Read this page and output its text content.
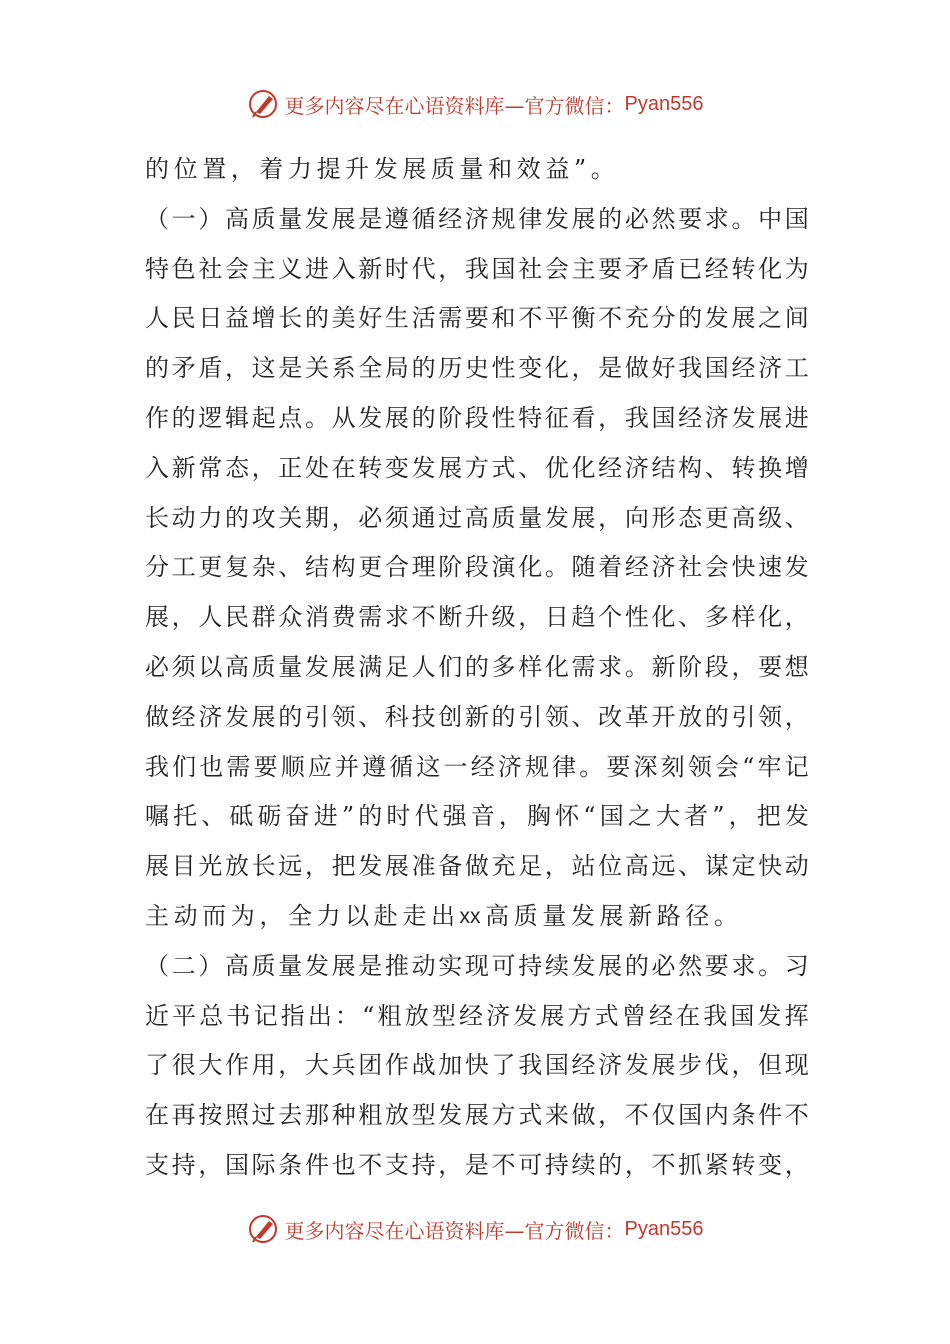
更多内容尽在心语资料库—官方微信： Pyan556
的 位 置 ， 着 力 提 升 发 展 质 量 和 效 益 ” 。
（ 一 ） 高 质 量 发 展 是 遵 循 经 济 规 律 发 展 的 必 然 要 求 。 中 国
特 色 社 会 主 义 进 入 新 时 代 ， 我 国 社 会 主 要 矛 盾 已 经 转 化 为
人 民 日 益 增 长 的 美 好 生 活 需 要 和 不 平 衡 不 充 分 的 发 展 之 间
的 矛 盾 ， 这 是 关 系 全 局 的 历 史 性 变 化 ， 是 做 好 我 国 经 济 工
作 的 逻 辑 起 点 。 从 发 展 的 阶 段 性 特 征 看 ， 我 国 经 济 发 展 进
入 新 常 态 ， 正 处 在 转 变 发 展 方 式 、 优 化 经 济 结 构 、 转 换 增
长 动 力 的 攻 关 期 ， 必 须 通 过 高 质 量 发 展 ， 向 形 态 更 高 级 、
分 工 更 复 杂 、 结 构 更 合 理 阶 段 演 化 。 随 着 经 济 社 会 快 速 发
展 ， 人 民 群 众 消 费 需 求 不 断 升 级 ， 日 趋 个 性 化 、 多 样 化 ，
必 须 以 高 质 量 发 展 满 足 人 们 的 多 样 化 需 求 。 新 阶 段 ， 要 想
做 经 济 发 展 的 引 领 、 科 技 创 新 的 引 领 、 改 革 开 放 的 引 领 ，
我 们 也 需 要 顺 应 并 遵 循 这 一 经 济 规 律 。 要 深 刻 领 会 “ 牢 记
嘱 托 、 砥 砺 奋 进 ” 的 时 代 强 音 ， 胸 怀 “ 国 之 大 者 ” ， 把 发
展 目 光 放 长 远 ， 把 发 展 准 备 做 充 足 ， 站 位 高 远 、 谋 定 快 动
主 动 而 为 ， 全 力 以 赴 走 出 xx 高 质 量 发 展 新 路 径 。
（ 二 ） 高 质 量 发 展 是 推 动 实 现 可 持 续 发 展 的 必 然 要 求 。 习
近 平 总 书 记 指 出 ： “ 粗 放 型 经 济 发 展 方 式 曾 经 在 我 国 发 挥
了 很 大 作 用 ， 大 兵 团 作 战 加 快 了 我 国 经 济 发 展 步 伐 ， 但 现
在 再 按 照 过 去 那 种 粗 放 型 发 展 方 式 来 做 ， 不 仅 国 内 条 件 不
支 持 ， 国 际 条 件 也 不 支 持 ， 是 不 可 持 续 的 ， 不 抓 紧 转 变 ，
更多内容尽在心语资料库—官方微信： Pyan556
